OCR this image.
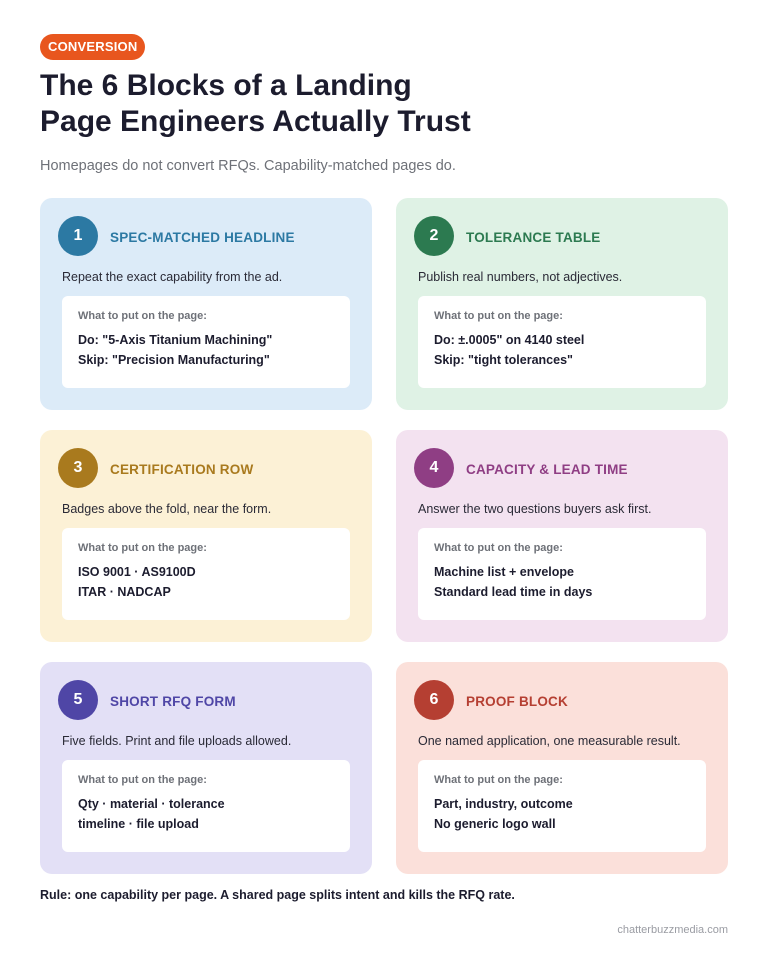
CONVERSION
The 6 Blocks of a Landing
Page Engineers Actually Trust

Homepages do not convert RFQs. Capability-matched pages do.

1	SPEC-MATCHED HEADLINE
Repeat the exact capability from the ad.
What to put on the page:
Do: "5-Axis Titanium Machining"
Skip: "Precision Manufacturing"
2	TOLERANCE TABLE
Publish real numbers, not adjectives.
What to put on the page:
Do: ±.0005" on 4140 steel
Skip: "tight tolerances"
3	CERTIFICATION ROW
Badges above the fold, near the form.
What to put on the page:
ISO 9001 · AS9100D
ITAR · NADCAP
4	CAPACITY & LEAD TIME
Answer the two questions buyers ask first.
What to put on the page:
Machine list + envelope
Standard lead time in days
5	SHORT RFQ FORM
Five fields. Print and file uploads allowed.
What to put on the page:
Qty · material · tolerance
timeline · file upload
6	PROOF BLOCK
One named application, one measurable result.
What to put on the page:
Part, industry, outcome
No generic logo wall

Rule: one capability per page. A shared page splits intent and kills the RFQ rate.

chatterbuzzmedia.com
